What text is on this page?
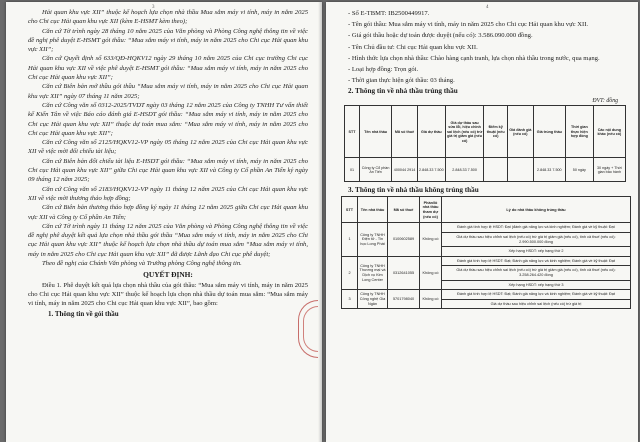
3

Hải quan khu vực XII” thuộc kế hoạch lựa chọn nhà thầu Mua sắm máy vi tính, máy in năm 2025 cho Chi cục Hải quan khu vực XII (kèm E-HSMT kèm theo);

Căn cứ Tờ trình ngày 28 tháng 10 năm 2025 của Văn phòng và Phòng Công nghệ thông tin về việc đề nghị phê duyệt E-HSMT gói thầu: “Mua sắm máy vi tính, máy in năm 2025 cho Chi cục Hải quan khu vực XII”;

Căn cứ Quyết định số 633/QĐ-HQKV12 ngày 29 tháng 10 năm 2025 của Chi cục trưởng Chi cục Hải quan khu vực XII về việc phê duyệt E-HSMT gói thầu: “Mua sắm máy vi tính, máy in năm 2025 cho Chi cục Hải quan khu vực XII”;

Căn cứ Biên bản mở thầu gói thầu “Mua sắm máy vi tính, máy in năm 2025 cho Chi cục Hải quan khu vực XII” ngày 07 tháng 11 năm 2025;

Căn cứ Công văn số 0312-2025/TVDT ngày 03 tháng 12 năm 2025 của Công ty TNHH Tư vấn thiết kế Kiến Tân về việc Báo cáo đánh giá E-HSDT gói thầu: “Mua sắm máy vi tính, máy in năm 2025 cho Chi cục Hải quan khu vực XII” thuộc dự toán mua sắm: “Mua sắm máy vi tính, máy in năm 2025 cho Chi cục Hải quan khu vực XII”;

Căn cứ Công văn số 2125/HQKV12-VP ngày 05 tháng 12 năm 2025 của Chi cục Hải quan khu vực XII về việc mời đối chiếu tài liệu;

Căn cứ Biên bản đối chiếu tài liệu E-HSDT gói thầu: “Mua sắm máy vi tính, máy in năm 2025 cho Chi cục Hải quan khu vực XII” giữa Chi cục Hải quan khu vực XII và Công ty Cổ phần An Tiến ký ngày 09 tháng 12 năm 2025;

Căn cứ Công văn số 2183/HQKV12-VP ngày 11 tháng 12 năm 2025 của Chi cục Hải quan khu vực XII về việc mời thương thảo hợp đồng;

Căn cứ Biên bản thương thảo hợp đồng ký ngày 11 tháng 12 năm 2025 giữa Chi cục Hải quan khu vực XII và Công ty Cổ phần An Tiến;

Căn cứ Tờ trình ngày 11 tháng 12 năm 2025 của Văn phòng và Phòng Công nghệ thông tin về việc đề nghị phê duyệt kết quả lựa chọn nhà thầu gói thầu “Mua sắm máy vi tính, máy in năm 2025 cho Chi cục Hải quan khu vực XII” thuộc kế hoạch lựa chọn nhà thầu dự toán mua sắm “Mua sắm máy vi tính, máy in năm 2025 cho Chi cục Hải quan khu vực XII” đã được Lãnh đạo Chi cục phê duyệt;

Theo đề nghị của Chánh Văn phòng và Trưởng phòng Công nghệ thông tin.

QUYẾT ĐỊNH:

Điều 1. Phê duyệt kết quả lựa chọn nhà thầu của gói thầu: “Mua sắm máy vi tính, máy in năm 2025 cho Chi cục Hải quan khu vực XII” thuộc kế hoạch lựa chọn nhà thầu dự toán mua sắm: “Mua sắm máy vi tính, máy in năm 2025 cho Chi cục Hải quan khu vực XII”, bao gồm:

1. Thông tin về gói thầu

4

- Số E-TBMT: IB2500449917.

- Tên gói thầu: Mua sắm máy vi tính, máy in năm 2025 cho Chi cục Hải quan khu vực XII.

- Giá gói thầu hoặc dự toán được duyệt (nếu có): 3.586.090.000 đồng.

- Tên Chủ đầu tư: Chi cục Hải quan khu vực XII.

- Hình thức lựa chọn nhà thầu: Chào hàng cạnh tranh, lựa chọn nhà thầu trong nước, qua mạng.

- Loại hợp đồng: Trọn gói.

- Thời gian thực hiện gói thầu: 03 tháng.

2. Thông tin về nhà thầu trúng thầu

ĐVT: đồng

STT	Tên nhà thầu	Mã số thuế	Giá dự thầu	Giá dự thầu sau sửa lỗi, hiệu chỉnh sai lệch (nếu có) trừ giá trị giảm giá (nếu có)	Điểm kỹ thuật (nếu có)	Giá đánh giá (nếu có)	Giá trúng thầu	Thời gian thực hiện hợp đồng	Các nội dung khác (nếu có)
01	Công ty Cổ phần An Tiến	400044 2914	2.848.33 7.500	2.848.33 7.500			2.848.33 7.500	50 ngày	30 ngày + Thời gian bảo hành

3. Thông tin về nhà thầu không trúng thầu

STT	Tên nhà thầu	Mã số thuế	Phần/lô nhà thầu tham dự (nếu có)	Lý do nhà thầu không trúng thầu
1	Công ty TNHH Điện tử - Tin học Long Phát	0100602589	Không có	Đánh giá tính hợp lệ HSDT: Đạt (đánh giá năng lực và kinh nghiệm; Đánh giá về kỹ thuật: Đạt
Giá dự thầu sau hiệu chỉnh sai lệch (nếu có) trừ giá trị giảm giá (nếu có), tính cả thuế (nếu có): 2.990.500.000 đồng
Xếp hạng HSDT: xếp hạng thứ 2

2	Công ty TNHH Thương mại và Dịch vụ Kim Long Center	0312641055	Không có	Đánh giá tính hợp lệ HSDT: Đạt; Đánh giá năng lực và kinh nghiệm; Đánh giá về kỹ thuật: Đạt
Giá dự thầu sau hiệu chỉnh sai lệch (nếu có) trừ giá trị giảm giá (nếu có), tính cả thuế (nếu có): 3.258.264.420 đồng
Xếp hạng HSDT: xếp hạng thứ 3

3	Công ty TNHH Công nghệ Gia Ngân	5701798040	Không có	Đánh giá tính hợp lệ HSDT: Đạt; Đánh giá năng lực và kinh nghiệm; Đánh giá về kỹ thuật: Đạt
Giá dự thầu sau hiệu chỉnh sai lệch (nếu có) trừ giá trị
